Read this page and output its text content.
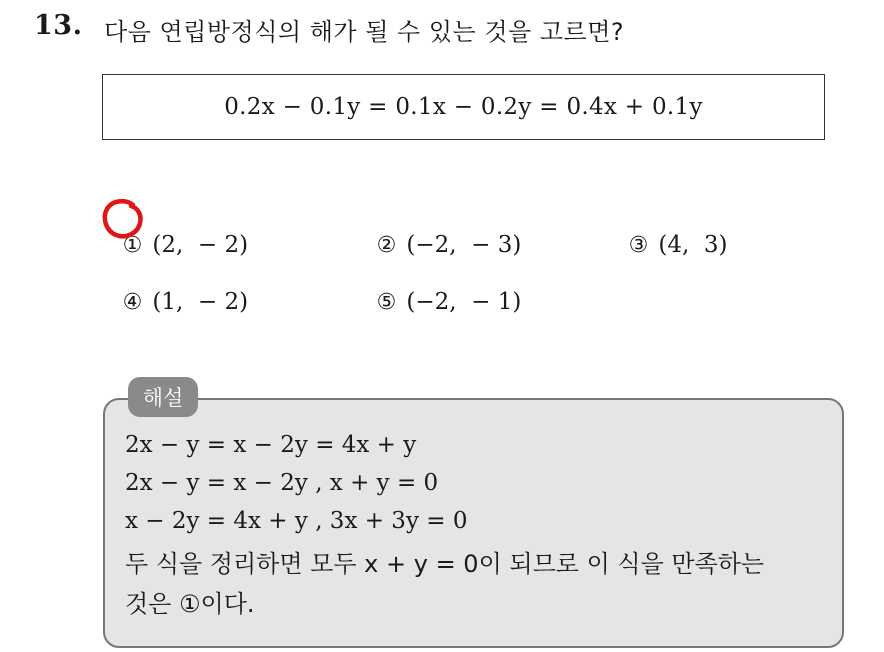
13. 다음 연립방정식의 해가 될 수 있는 것을 고르면?
0.2x − 0.1y = 0.1x − 0.2y = 0.4x + 0.1y

① (2,  − 2)	② (−2,  − 3)	③ (4,  3)

④ (1,  − 2)	⑤ (−2,  − 1)

해설
2x − y = x − 2y = 4x + y
2x − y = x − 2y , x + y = 0
x − 2y = 4x + y , 3x + 3y = 0
두 식을 정리하면 모두 x + y = 0이 되므로 이 식을 만족하는
것은 ①이다.
